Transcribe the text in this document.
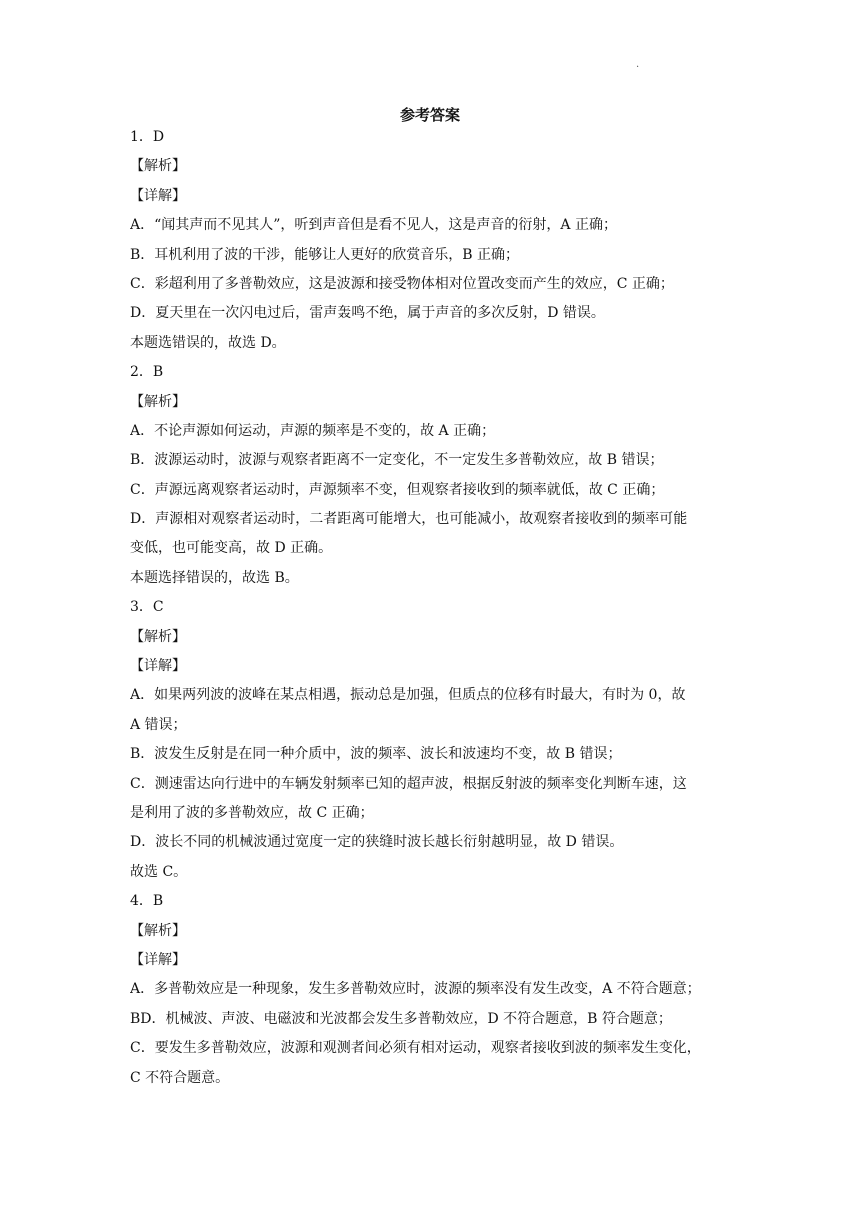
.
参考答案
1．D
【解析】
【详解】
A．“闻其声而不见其人”，听到声音但是看不见人，这是声音的衍射，A 正确；
B．耳机利用了波的干涉，能够让人更好的欣赏音乐，B 正确；
C．彩超利用了多普勒效应，这是波源和接受物体相对位置改变而产生的效应，C 正确；
D．夏天里在一次闪电过后，雷声轰鸣不绝，属于声音的多次反射，D 错误。
本题选错误的，故选 D。
2．B
【解析】
A．不论声源如何运动，声源的频率是不变的，故 A 正确；
B．波源运动时，波源与观察者距离不一定变化，不一定发生多普勒效应，故 B 错误；
C．声源远离观察者运动时，声源频率不变，但观察者接收到的频率就低，故 C 正确；
D．声源相对观察者运动时，二者距离可能增大，也可能减小，故观察者接收到的频率可能
变低，也可能变高，故 D 正确。
本题选择错误的，故选 B。
3．C
【解析】
【详解】
A．如果两列波的波峰在某点相遇，振动总是加强，但质点的位移有时最大，有时为 0，故
A 错误；
B．波发生反射是在同一种介质中，波的频率、波长和波速均不变，故 B 错误；
C．测速雷达向行进中的车辆发射频率已知的超声波，根据反射波的频率变化判断车速，这
是利用了波的多普勒效应，故 C 正确；
D．波长不同的机械波通过宽度一定的狭缝时波长越长衍射越明显，故 D 错误。
故选 C。
4．B
【解析】
【详解】
A．多普勒效应是一种现象，发生多普勒效应时，波源的频率没有发生改变，A 不符合题意；
BD．机械波、声波、电磁波和光波都会发生多普勒效应，D 不符合题意，B 符合题意；
C．要发生多普勒效应，波源和观测者间必须有相对运动，观察者接收到波的频率发生变化，
C 不符合题意。
